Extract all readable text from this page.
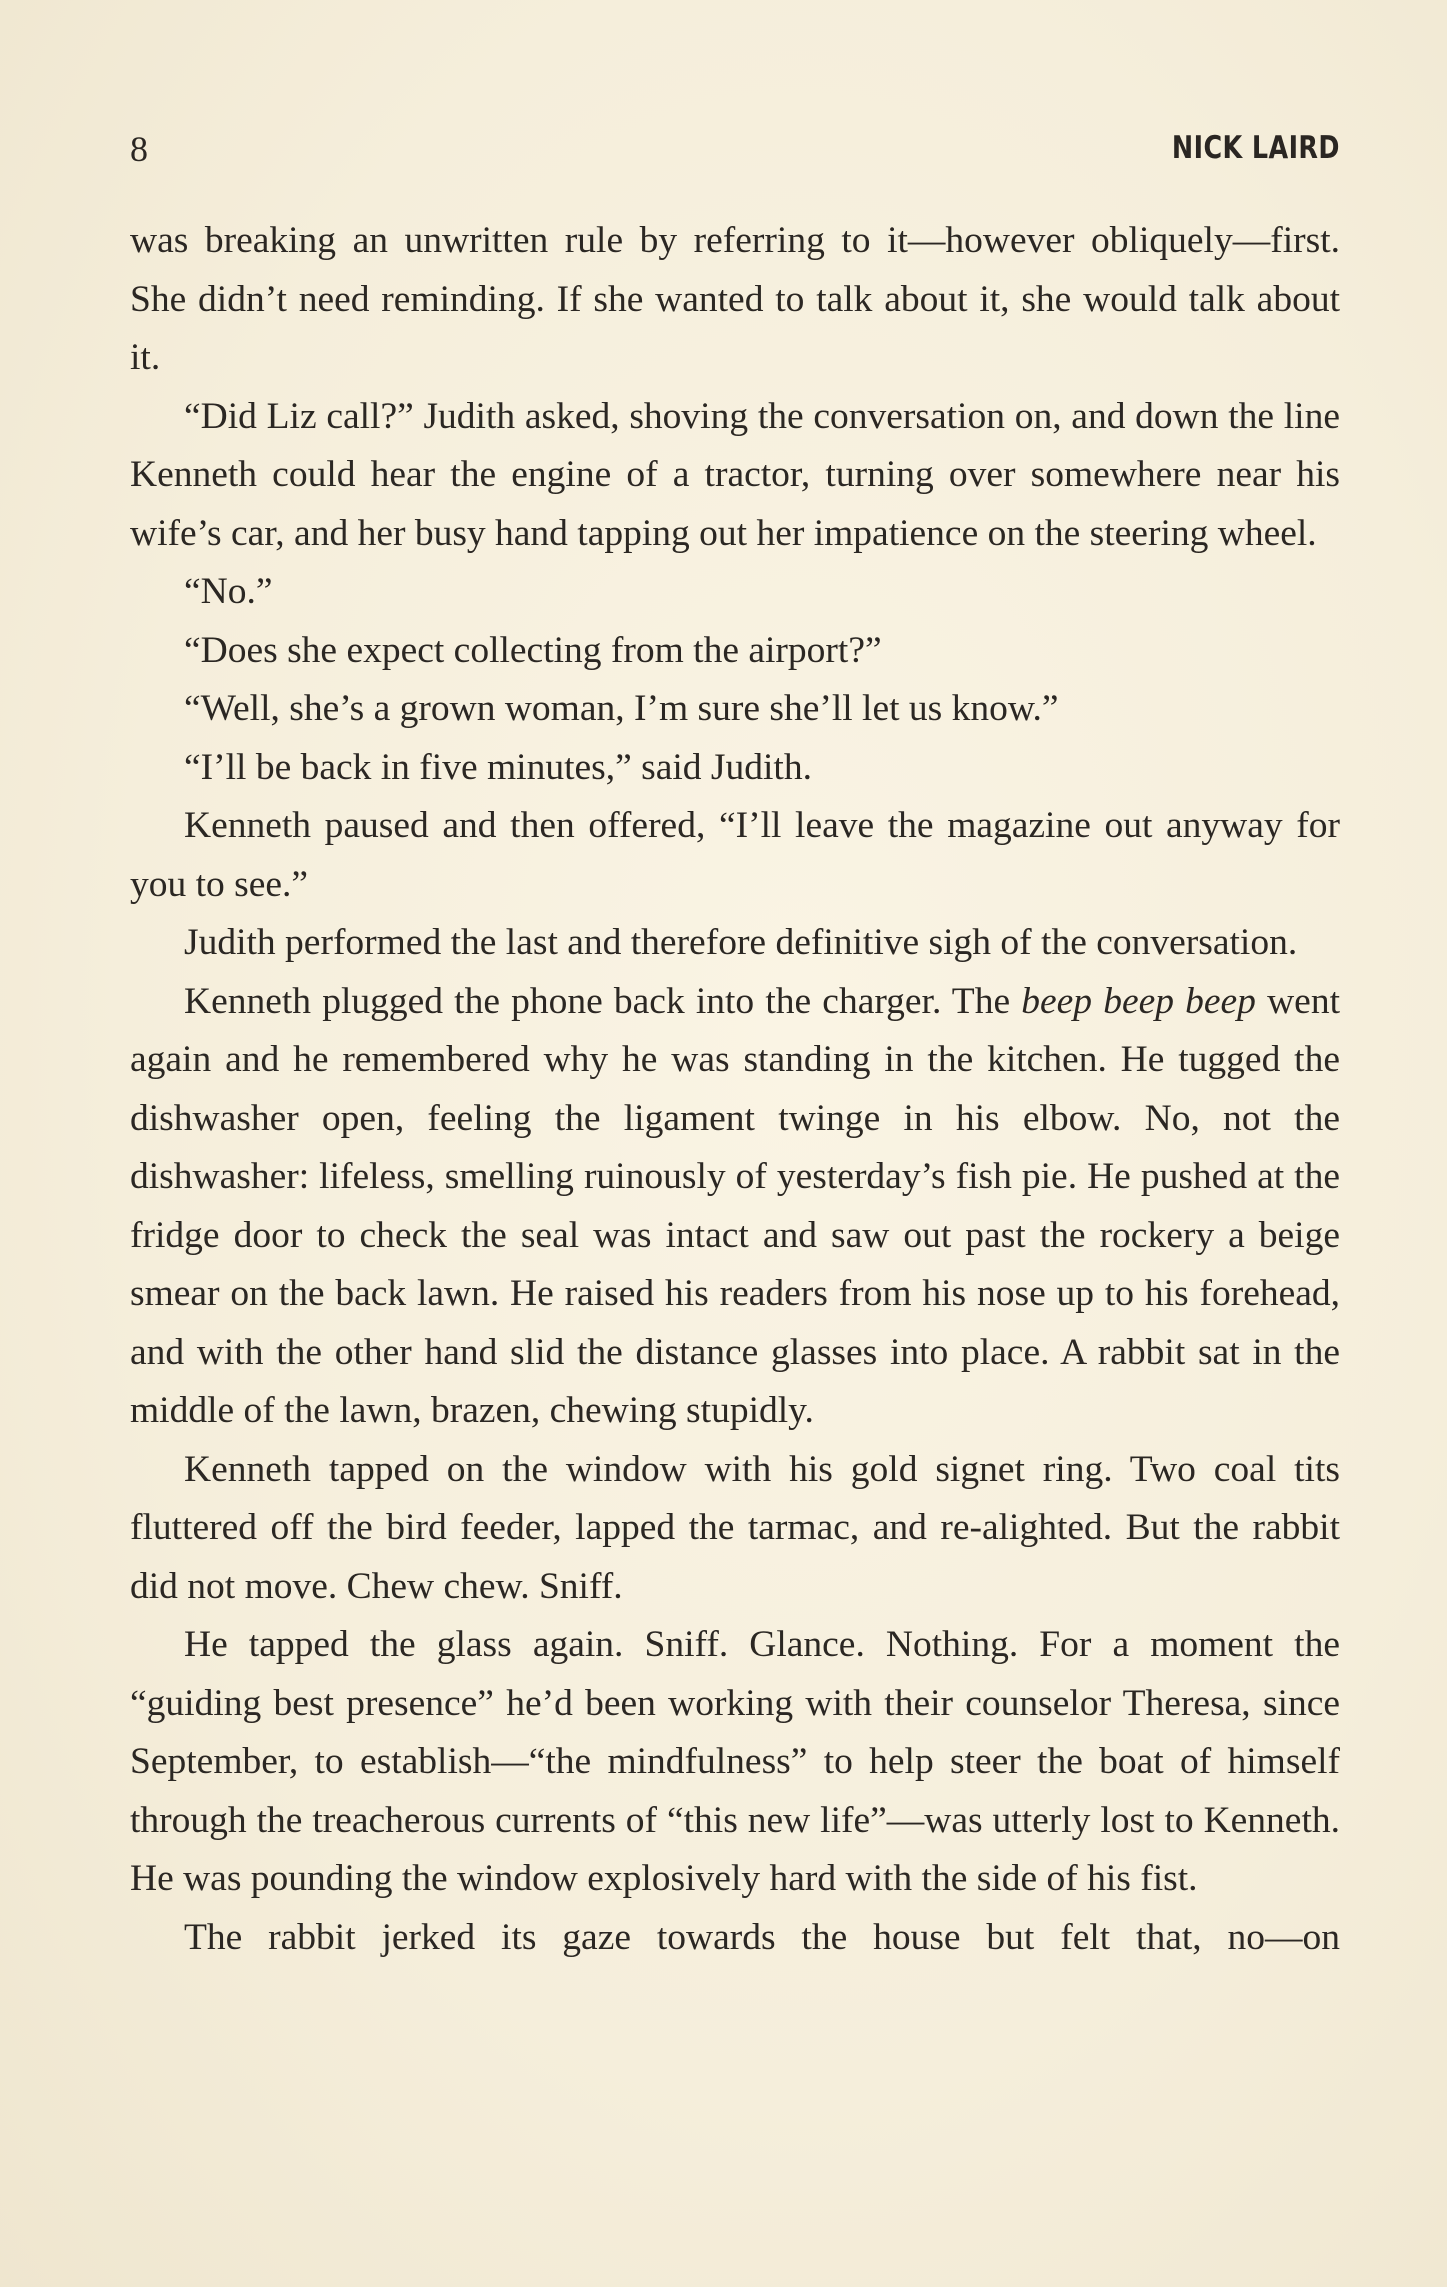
8	NICK LAIRD

was breaking an unwritten rule by referring to it—however obliquely—first. She didn’t need reminding. If she wanted to talk about it, she would talk about it.

“Did Liz call?” Judith asked, shoving the conversation on, and down the line Kenneth could hear the engine of a tractor, turning over somewhere near his wife’s car, and her busy hand tapping out her impatience on the steering wheel.

“No.”

“Does she expect collecting from the airport?”

“Well, she’s a grown woman, I’m sure she’ll let us know.”

“I’ll be back in five minutes,” said Judith.

Kenneth paused and then offered, “I’ll leave the magazine out anyway for you to see.”

Judith performed the last and therefore definitive sigh of the conversation.

Kenneth plugged the phone back into the charger. The beep beep beep went again and he remembered why he was standing in the kitchen. He tugged the dishwasher open, feeling the ligament twinge in his elbow. No, not the dishwasher: lifeless, smelling ruinously of yesterday’s fish pie. He pushed at the fridge door to check the seal was intact and saw out past the rockery a beige smear on the back lawn. He raised his readers from his nose up to his forehead, and with the other hand slid the distance glasses into place. A rabbit sat in the middle of the lawn, brazen, chewing stupidly.

Kenneth tapped on the window with his gold signet ring. Two coal tits fluttered off the bird feeder, lapped the tarmac, and re-alighted. But the rabbit did not move. Chew chew. Sniff.

He tapped the glass again. Sniff. Glance. Nothing. For a moment the “guiding best presence” he’d been working with their counselor Theresa, since September, to establish—“the mindfulness” to help steer the boat of himself through the treacherous currents of “this new life”—was utterly lost to Kenneth. He was pounding the window explosively hard with the side of his fist.

The rabbit jerked its gaze towards the house but felt that, no—on
